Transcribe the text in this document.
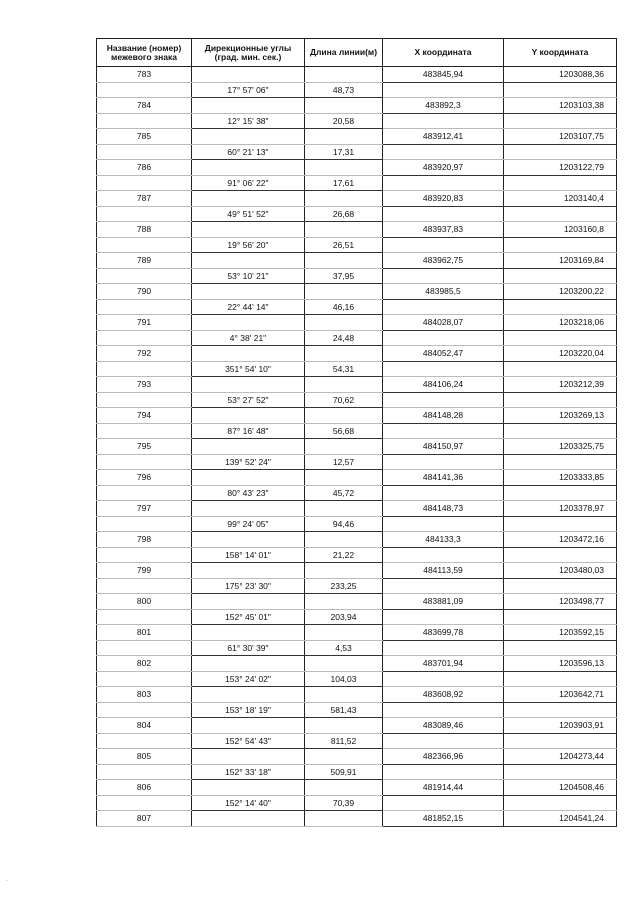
Название (номер) межевого знака	Дирекционные углы (град. мин. сек.)	Длина линии(м)	X координата	Y координата
783			483845,94	1203088,36
	17° 57' 06"	48,73		
784			483892,3	1203103,38
	12° 15' 38"	20,58		
785			483912,41	1203107,75
	60° 21' 13"	17,31		
786			483920,97	1203122,79
	91° 06' 22"	17,61		
787			483920,83	1203140,4
	49° 51' 52"	26,68		
788			483937,83	1203160,8
	19° 56' 20"	26,51		
789			483962,75	1203169,84
	53° 10' 21"	37,95		
790			483985,5	1203200,22
	22° 44' 14"	46,16		
791			484028,07	1203218,06
	4° 38' 21"	24,48		
792			484052,47	1203220,04
	351° 54' 10"	54,31		
793			484106,24	1203212,39
	53° 27' 52"	70,62		
794			484148,28	1203269,13
	87° 16' 48"	56,68		
795			484150,97	1203325,75
	139° 52' 24"	12,57		
796			484141,36	1203333,85
	80° 43' 23"	45,72		
797			484148,73	1203378,97
	99° 24' 05"	94,46		
798			484133,3	1203472,16
	158° 14' 01"	21,22		
799			484113,59	1203480,03
	175° 23' 30"	233,25		
800			483881,09	1203498,77
	152° 45' 01"	203,94		
801			483699,78	1203592,15
	61° 30' 39"	4,53		
802			483701,94	1203596,13
	153° 24' 02"	104,03		
803			483608,92	1203642,71
	153° 18' 19"	581,43		
804			483089,46	1203903,91
	152° 54' 43"	811,52		
805			482366,96	1204273,44
	152° 33' 18"	509,91		
806			481914,44	1204508,46
	152° 14' 40"	70,39		
807			481852,15	1204541,24
·
